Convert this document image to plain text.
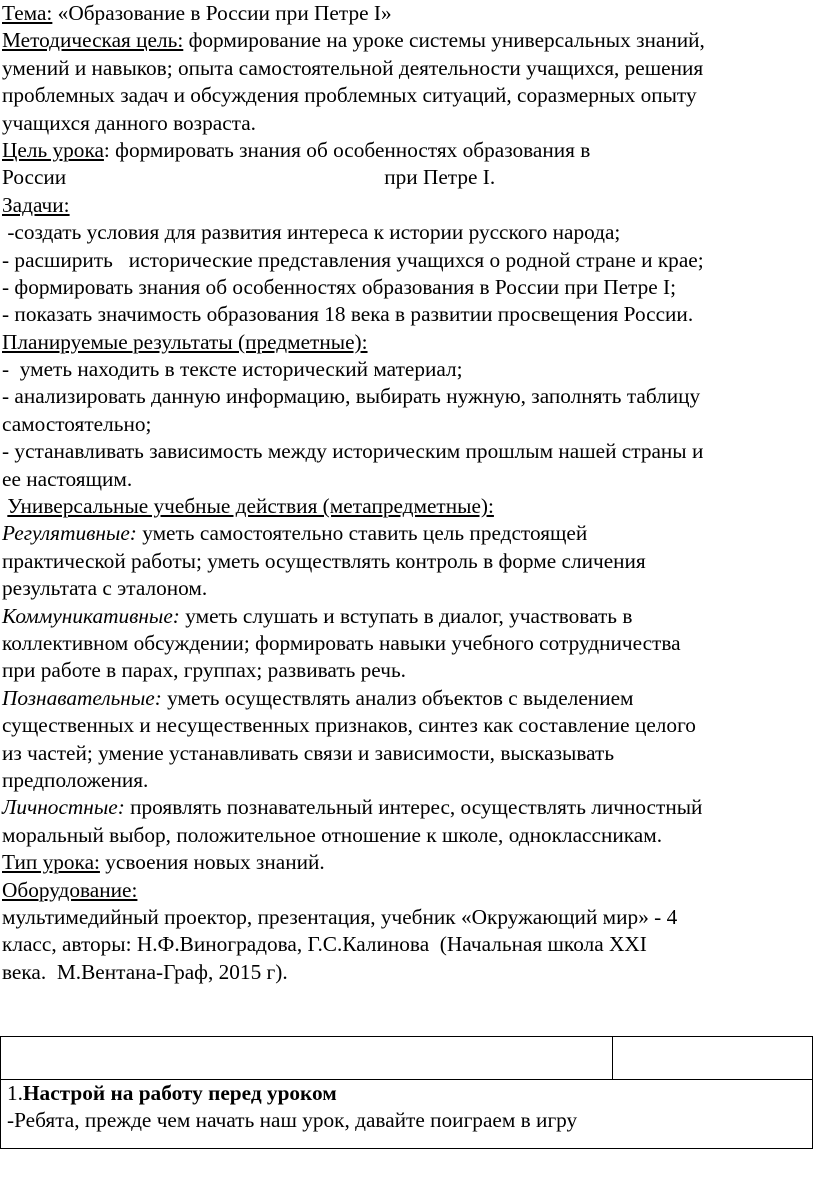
Тема: «Образование в России при Петре I»
Методическая цель: формирование на уроке системы универсальных знаний,
умений и навыков; опыта самостоятельной деятельности учащихся, решения
проблемных задач и обсуждения проблемных ситуаций, соразмерных опыту
учащихся данного возраста.
Цель урока: формировать знания об особенностях образования в
России	при Петре I.
Задачи:
-создать условия для развития интереса к истории русского народа;
- расширить   исторические представления учащихся о родной стране и крае;
- формировать знания об особенностях образования в России при Петре I;
- показать значимость образования 18 века в развитии просвещения России.
Планируемые результаты (предметные):
-  уметь находить в тексте исторический материал;
- анализировать данную информацию, выбирать нужную, заполнять таблицу
самостоятельно;
- устанавливать зависимость между историческим прошлым нашей страны и
ее настоящим.
Универсальные учебные действия (метапредметные):
Регулятивные: уметь самостоятельно ставить цель предстоящей
практической работы; уметь осуществлять контроль в форме сличения
результата с эталоном.
Коммуникативные: уметь слушать и вступать в диалог, участвовать в
коллективном обсуждении; формировать навыки учебного сотрудничества
при работе в парах, группах; развивать речь.
Познавательные: уметь осуществлять анализ объектов с выделением
существенных и несущественных признаков, синтез как составление целого
из частей; умение устанавливать связи и зависимости, высказывать
предположения.
Личностные: проявлять познавательный интерес, осуществлять личностный
моральный выбор, положительное отношение к школе, одноклассникам.
Тип урока: усвоения новых знаний.
Оборудование:
мультимедийный проектор, презентация, учебник «Окружающий мир» - 4
класс, авторы: Н.Ф.Виноградова, Г.С.Калинова  (Начальная школа XXI
века.  М.Вентана-Граф, 2015 г).

1.Настрой на работу перед уроком
-Ребята, прежде чем начать наш урок, давайте поиграем в игру
